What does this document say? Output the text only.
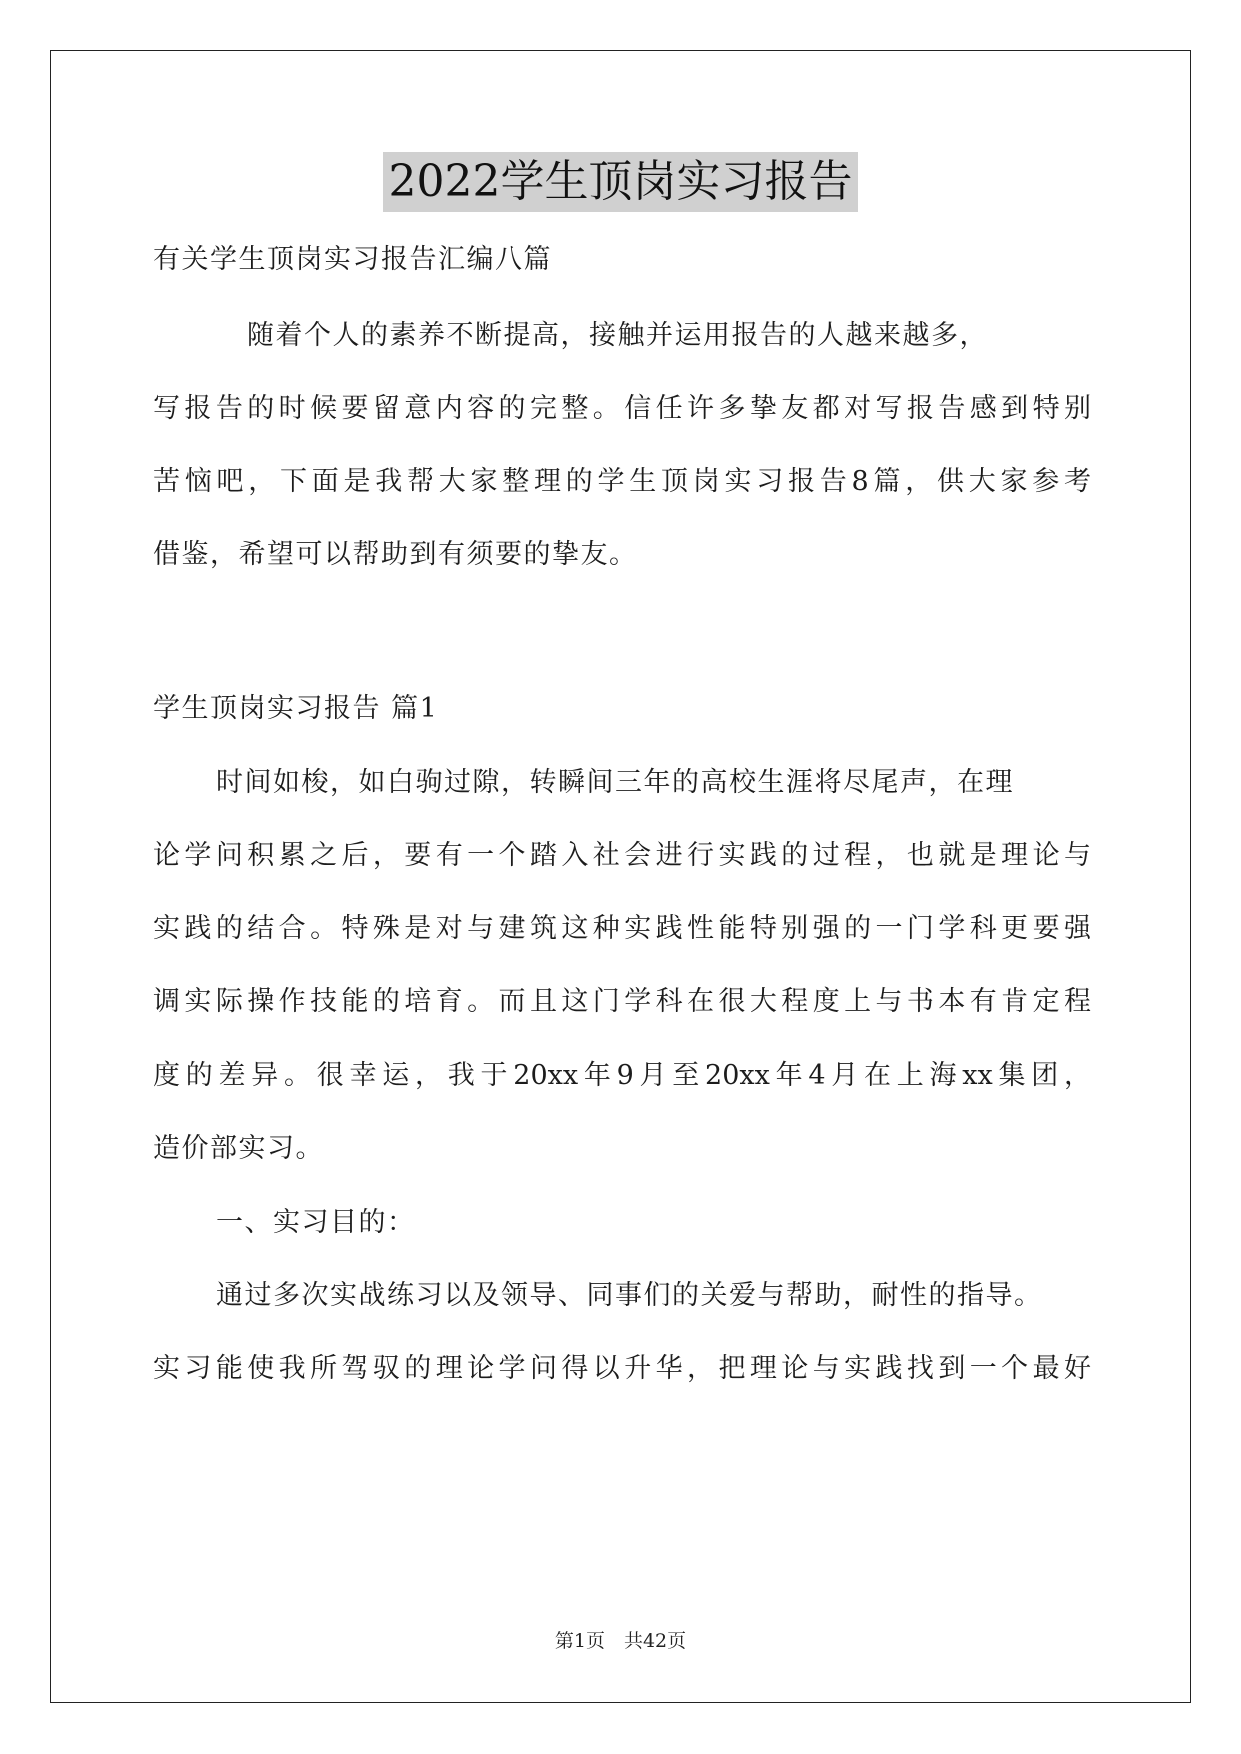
2022学生顶岗实习报告
有关学生顶岗实习报告汇编八篇
随着个人的素养不断提高，接触并运用报告的人越来越多，
写报告的时候要留意内容的完整。信任许多挚友都对写报告感到特别
苦恼吧，下面是我帮大家整理的学生顶岗实习报告8篇，供大家参考
借鉴，希望可以帮助到有须要的挚友。
学生顶岗实习报告 篇1
时间如梭，如白驹过隙，转瞬间三年的高校生涯将尽尾声，在理
论学问积累之后，要有一个踏入社会进行实践的过程，也就是理论与
实践的结合。特殊是对与建筑这种实践性能特别强的一门学科更要强
调实际操作技能的培育。而且这门学科在很大程度上与书本有肯定程
度的差异。很幸运，我于20xx年9月至20xx年4月在上海xx集团，
造价部实习。
一、实习目的：
通过多次实战练习以及领导、同事们的关爱与帮助，耐性的指导。
实习能使我所驾驭的理论学问得以升华，把理论与实践找到一个最好
第1页　共42页
